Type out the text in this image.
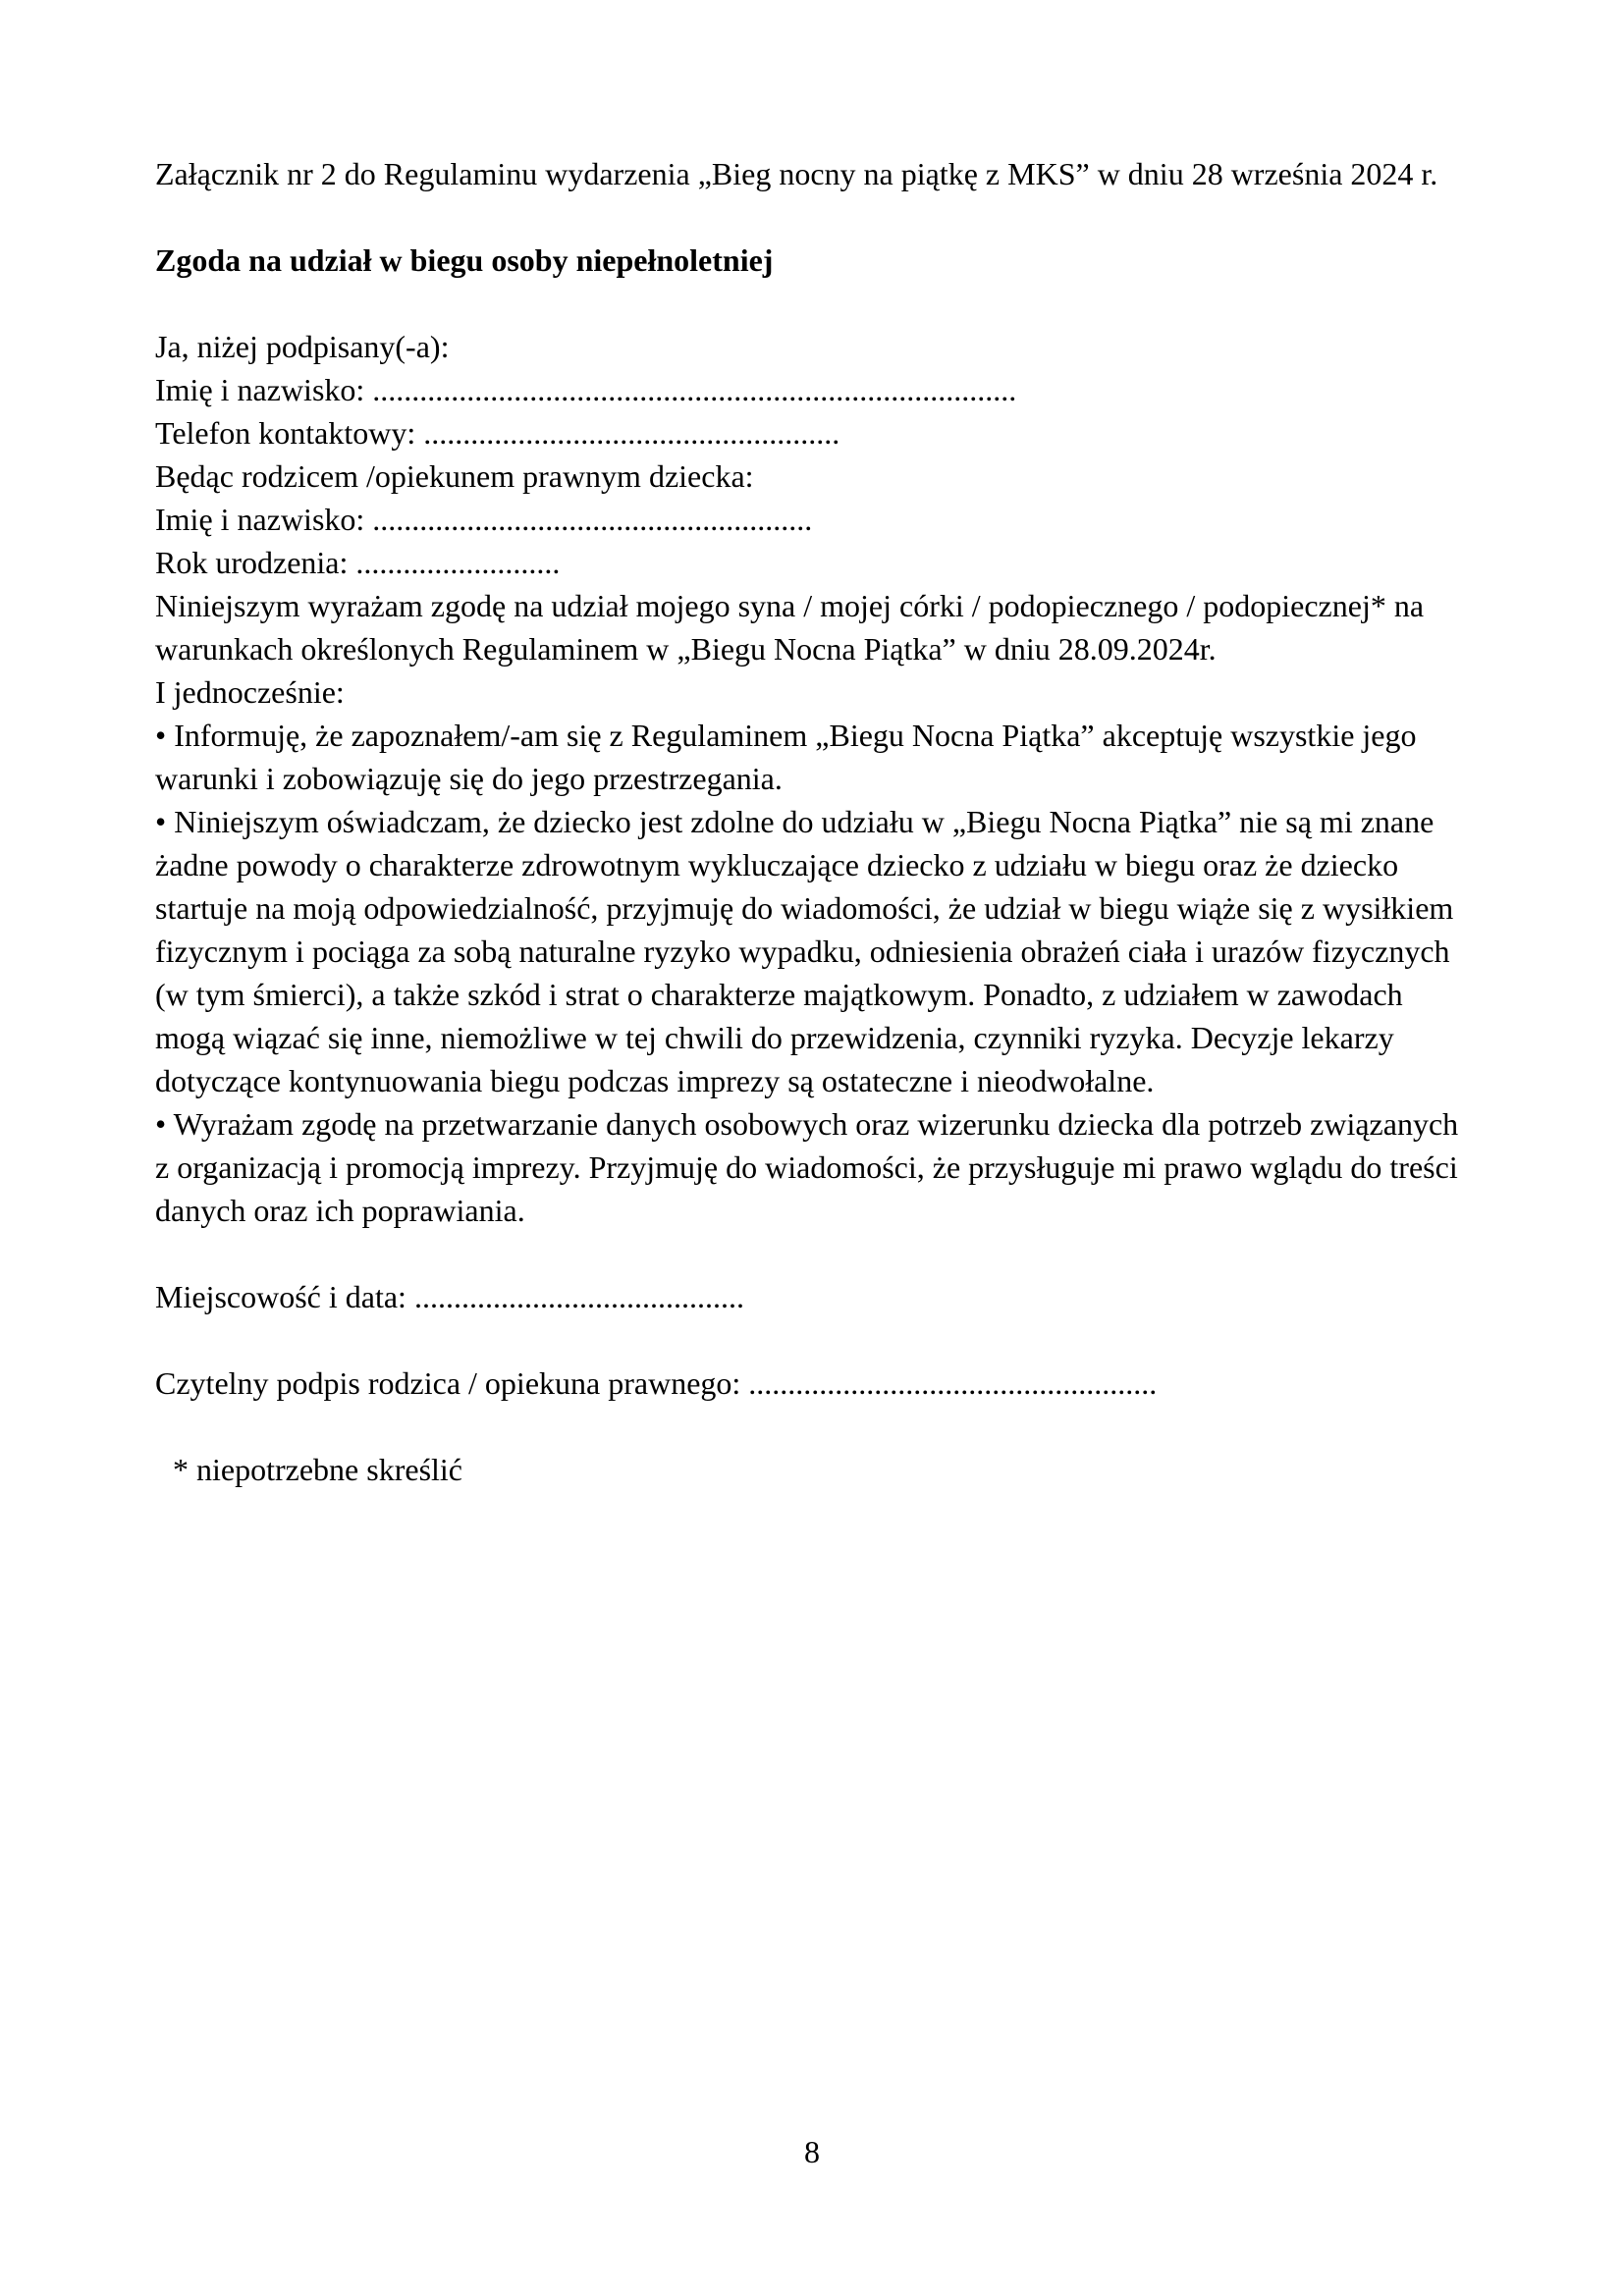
Załącznik nr 2 do Regulaminu wydarzenia „Bieg nocny na piątkę z MKS” w dniu 28 września 2024 r.

Zgoda na udział w biegu osoby niepełnoletniej

Ja, niżej podpisany(-a):

Imię i nazwisko: ..................................................................................

Telefon kontaktowy: .....................................................

Będąc rodzicem /opiekunem prawnym dziecka:

Imię i nazwisko: ........................................................

Rok urodzenia: ..........................

Niniejszym wyrażam zgodę na udział mojego syna / mojej córki / podopiecznego / podopiecznej* na warunkach określonych Regulaminem w „Biegu Nocna Piątka” w dniu 28.09.2024r.

I jednocześnie:

• Informuję, że zapoznałem/-am się z Regulaminem „Biegu Nocna Piątka” akceptuję wszystkie jego warunki i zobowiązuję się do jego przestrzegania.

• Niniejszym oświadczam, że dziecko jest zdolne do udziału w „Biegu Nocna Piątka” nie są mi znane żadne powody o charakterze zdrowotnym wykluczające dziecko z udziału w biegu oraz że dziecko startuje na moją odpowiedzialność, przyjmuję do wiadomości, że udział w biegu wiąże się z wysiłkiem fizycznym i pociąga za sobą naturalne ryzyko wypadku, odniesienia obrażeń ciała i urazów fizycznych (w tym śmierci), a także szkód i strat o charakterze majątkowym. Ponadto, z udziałem w zawodach mogą wiązać się inne, niemożliwe w tej chwili do przewidzenia, czynniki ryzyka. Decyzje lekarzy dotyczące kontynuowania biegu podczas imprezy są ostateczne i nieodwołalne.

• Wyrażam zgodę na przetwarzanie danych osobowych oraz wizerunku dziecka dla potrzeb związanych z organizacją i promocją imprezy. Przyjmuję do wiadomości, że przysługuje mi prawo wglądu do treści danych oraz ich poprawiania.

Miejscowość i data: ..........................................

Czytelny podpis rodzica / opiekuna prawnego: ....................................................

* niepotrzebne skreślić

8
